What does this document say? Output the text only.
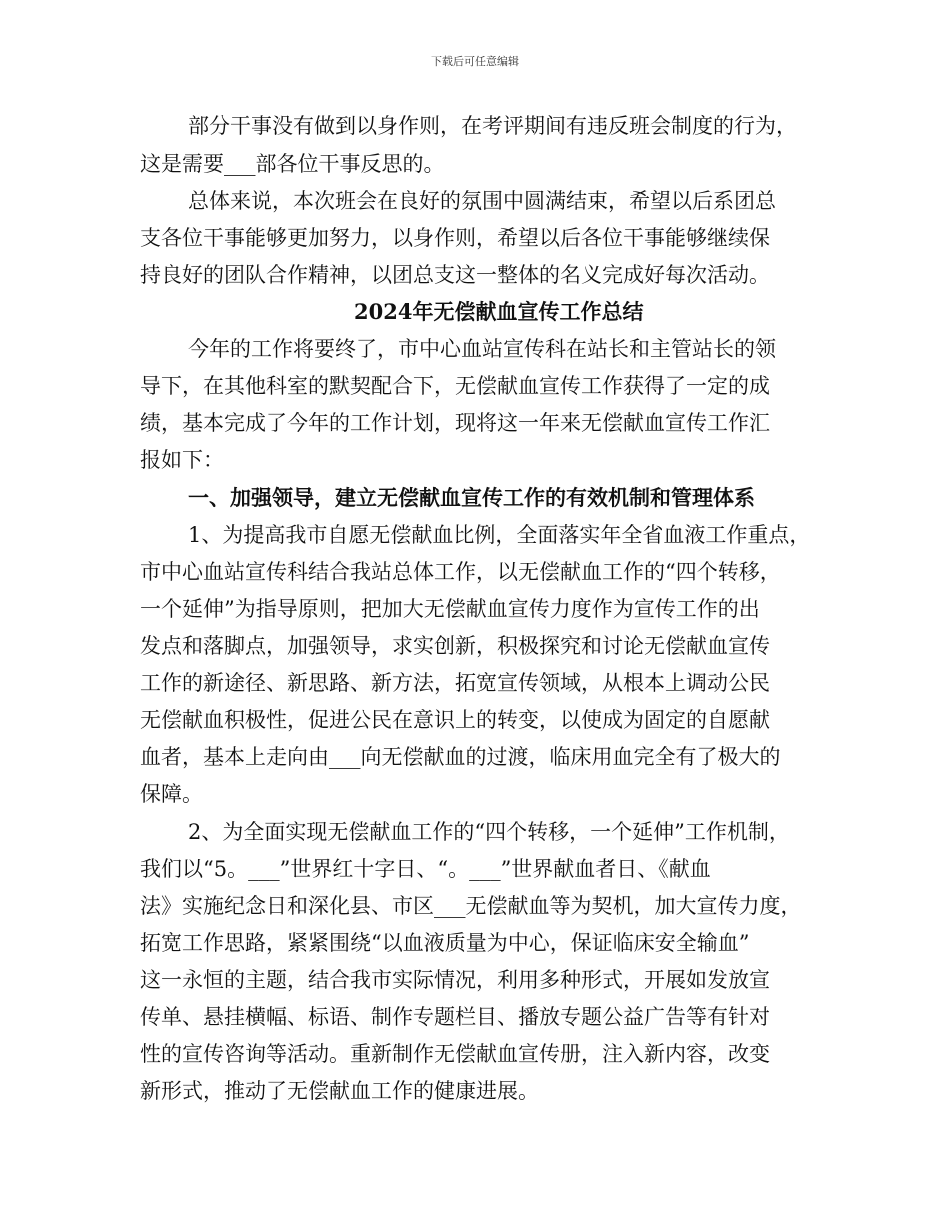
下载后可任意编辑
部分干事没有做到以身作则，在考评期间有违反班会制度的行为，
这是需要___部各位干事反思的。
总体来说，本次班会在良好的氛围中圆满结束，希望以后系团总
支各位干事能够更加努力，以身作则，希望以后各位干事能够继续保
持良好的团队合作精神，以团总支这一整体的名义完成好每次活动。
2024年无偿献血宣传工作总结
今年的工作将要终了，市中心血站宣传科在站长和主管站长的领
导下，在其他科室的默契配合下，无偿献血宣传工作获得了一定的成
绩，基本完成了今年的工作计划，现将这一年来无偿献血宣传工作汇
报如下：
一、加强领导，建立无偿献血宣传工作的有效机制和管理体系
1、为提高我市自愿无偿献血比例，全面落实年全省血液工作重点，
市中心血站宣传科结合我站总体工作，以无偿献血工作的“四个转移，
一个延伸”为指导原则，把加大无偿献血宣传力度作为宣传工作的出
发点和落脚点，加强领导，求实创新，积极探究和讨论无偿献血宣传
工作的新途径、新思路、新方法，拓宽宣传领域，从根本上调动公民
无偿献血积极性，促进公民在意识上的转变，以使成为固定的自愿献
血者，基本上走向由___向无偿献血的过渡，临床用血完全有了极大的
保障。
2、为全面实现无偿献血工作的“四个转移，一个延伸”工作机制，
我们以“5。___”世界红十字日、“。___”世界献血者日、《献血
法》实施纪念日和深化县、市区___无偿献血等为契机，加大宣传力度，
拓宽工作思路，紧紧围绕“以血液质量为中心，保证临床安全输血”
这一永恒的主题，结合我市实际情况，利用多种形式，开展如发放宣
传单、悬挂横幅、标语、制作专题栏目、播放专题公益广告等有针对
性的宣传咨询等活动。重新制作无偿献血宣传册，注入新内容，改变
新形式，推动了无偿献血工作的健康进展。
